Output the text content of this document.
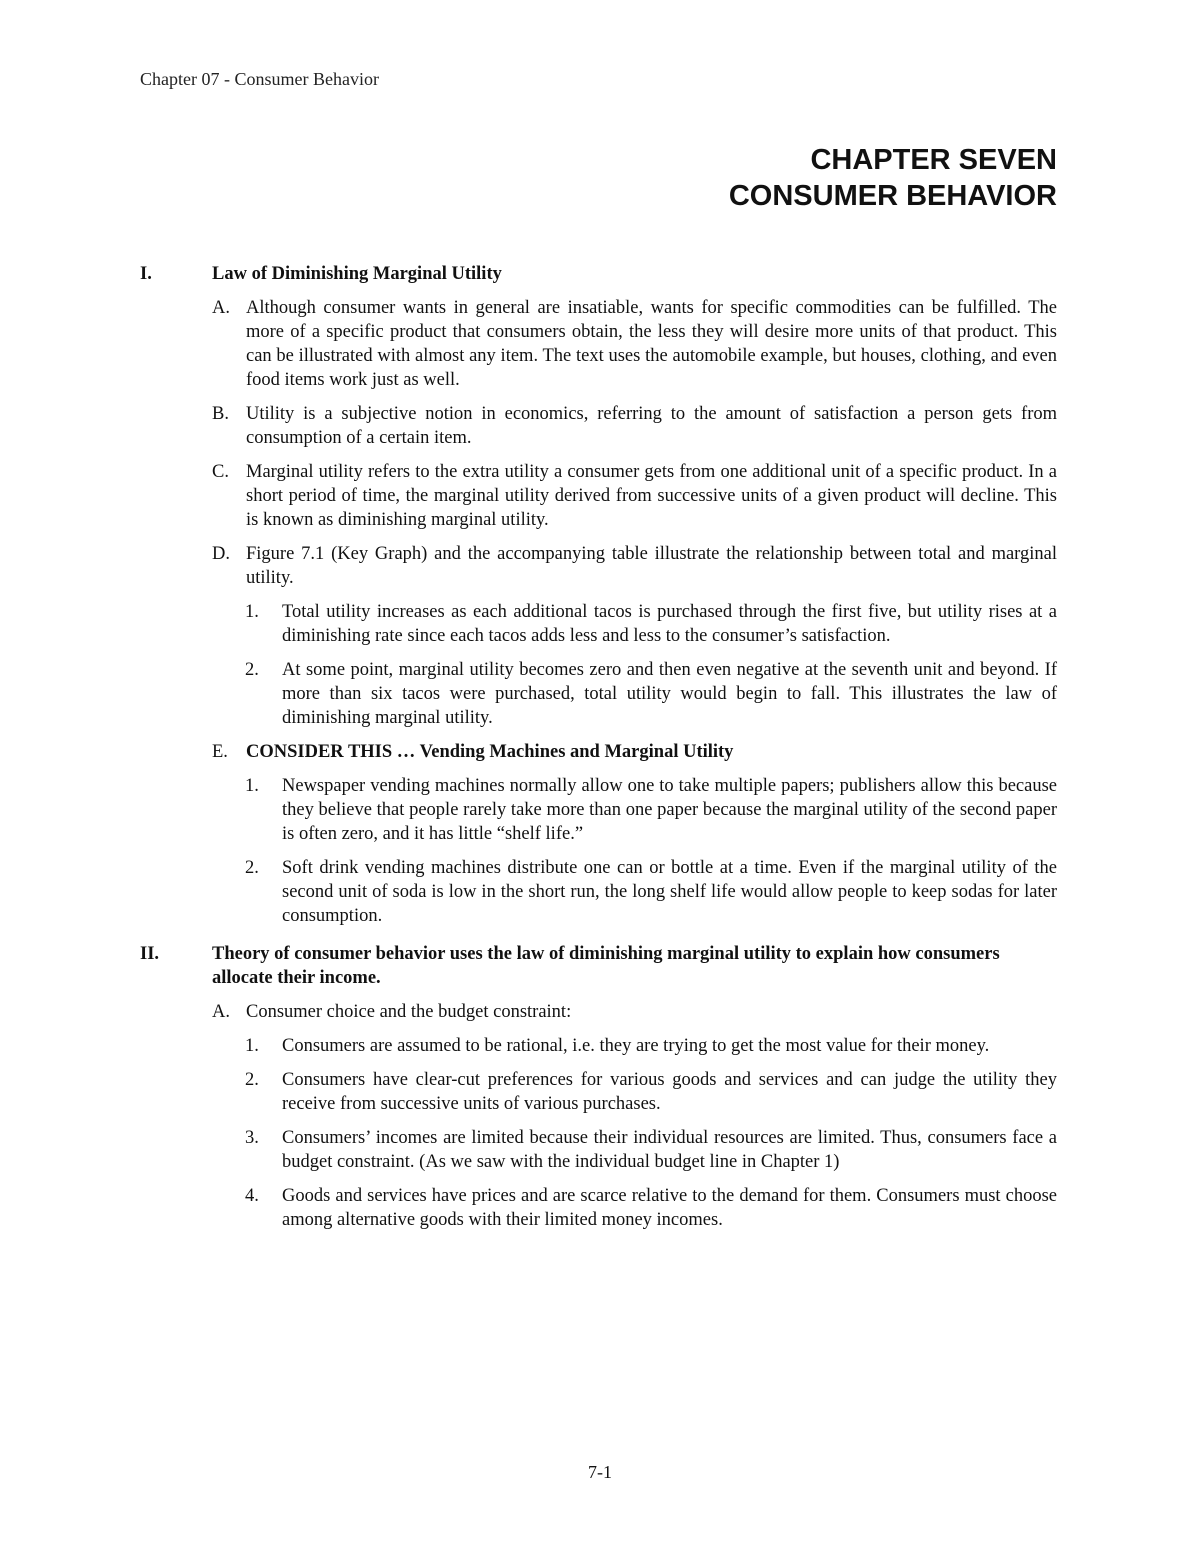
Chapter 07 - Consumer Behavior
CHAPTER SEVEN
CONSUMER BEHAVIOR
I.	Law of Diminishing Marginal Utility
A. Although consumer wants in general are insatiable, wants for specific commodities can be fulfilled. The more of a specific product that consumers obtain, the less they will desire more units of that product. This can be illustrated with almost any item. The text uses the automobile example, but houses, clothing, and even food items work just as well.
B. Utility is a subjective notion in economics, referring to the amount of satisfaction a person gets from consumption of a certain item.
C. Marginal utility refers to the extra utility a consumer gets from one additional unit of a specific product. In a short period of time, the marginal utility derived from successive units of a given product will decline. This is known as diminishing marginal utility.
D. Figure 7.1 (Key Graph) and the accompanying table illustrate the relationship between total and marginal utility.
1.	Total utility increases as each additional tacos is purchased through the first five, but utility rises at a diminishing rate since each tacos adds less and less to the consumer’s satisfaction.
2.	At some point, marginal utility becomes zero and then even negative at the seventh unit and beyond. If more than six tacos were purchased, total utility would begin to fall. This illustrates the law of diminishing marginal utility.
E. CONSIDER THIS … Vending Machines and Marginal Utility
1.	Newspaper vending machines normally allow one to take multiple papers; publishers allow this because they believe that people rarely take more than one paper because the marginal utility of the second paper is often zero, and it has little “shelf life.”
2.	Soft drink vending machines distribute one can or bottle at a time. Even if the marginal utility of the second unit of soda is low in the short run, the long shelf life would allow people to keep sodas for later consumption.
II.	Theory of consumer behavior uses the law of diminishing marginal utility to explain how consumers allocate their income.
A. Consumer choice and the budget constraint:
1.	Consumers are assumed to be rational, i.e. they are trying to get the most value for their money.
2.	Consumers have clear-cut preferences for various goods and services and can judge the utility they receive from successive units of various purchases.
3.	Consumers’ incomes are limited because their individual resources are limited. Thus, consumers face a budget constraint. (As we saw with the individual budget line in Chapter 1)
4.	Goods and services have prices and are scarce relative to the demand for them. Consumers must choose among alternative goods with their limited money incomes.
7-1
